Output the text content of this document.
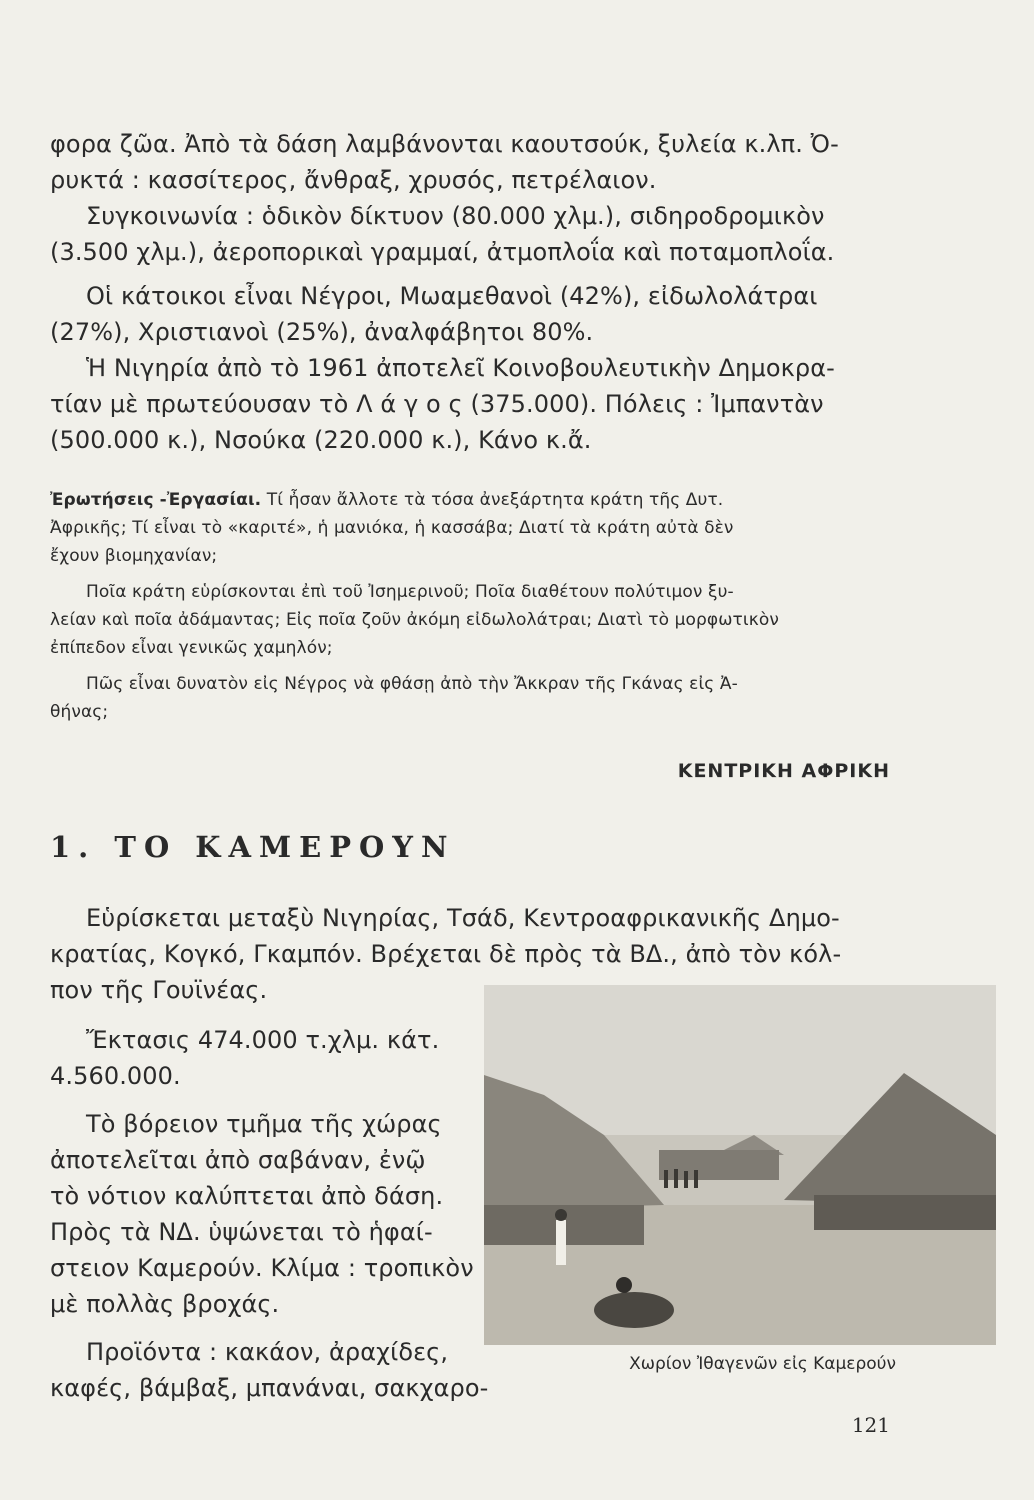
φορα ζῶα. Ἀπὸ τὰ δάση λαμβάνονται καουτσούκ, ξυλεία κ.λπ. Ὀ-
ρυκτά : κασσίτερος, ἄνθραξ, χρυσός, πετρέλαιον.
Συγκοινωνία : ὁδικὸν δίκτυον (80.000 χλμ.), σιδηροδρομικὸν
(3.500 χλμ.), ἀεροπορικαὶ γραμμαί, ἀτμοπλοΐα καὶ ποταμοπλοΐα.
Οἱ κάτοικοι εἶναι Νέγροι, Μωαμεθανοὶ (42%), εἰδωλολάτραι
(27%), Χριστιανοὶ (25%), ἀναλφάβητοι 80%.
Ἡ Νιγηρία ἀπὸ τὸ 1961 ἀποτελεῖ Κοινοβουλευτικὴν Δημοκρα-
τίαν μὲ πρωτεύουσαν τὸ Λ ά γ ο ς (375.000). Πόλεις : Ἰμπαντὰν
(500.000 κ.), Νσούκα (220.000 κ.), Κάνο κ.ἄ.
Ἐρωτήσεις -Ἐργασίαι. Τί ἦσαν ἄλλοτε τὰ τόσα ἀνεξάρτητα κράτη τῆς Δυτ.
Ἀφρικῆς; Τί εἶναι τὸ «καριτέ», ἡ μανιόκα, ἡ κασσάβα; Διατί τὰ κράτη αὐτὰ δὲν
ἔχουν βιομηχανίαν;
Ποῖα κράτη εὑρίσκονται ἐπὶ τοῦ Ἰσημερινοῦ; Ποῖα διαθέτουν πολύτιμον ξυ-
λείαν καὶ ποῖα ἀδάμαντας; Εἰς ποῖα ζοῦν ἀκόμη εἰδωλολάτραι; Διατὶ τὸ μορφωτικὸν
ἐπίπεδον εἶναι γενικῶς χαμηλόν;
Πῶς εἶναι δυνατὸν εἰς Νέγρος νὰ φθάσῃ ἀπὸ τὴν Ἄκκραν τῆς Γκάνας εἰς Ἀ-
θήνας;
ΚΕΝΤΡΙΚΗ ΑΦΡΙΚΗ
1. ΤΟ ΚΑΜΕΡΟΥΝ
Εὑρίσκεται μεταξὺ Νιγηρίας, Τσάδ, Κεντροαφρικανικῆς Δημο-
κρατίας, Κογκό, Γκαμπόν. Βρέχεται δὲ πρὸς τὰ ΒΔ., ἀπὸ τὸν κόλ-
πον τῆς Γουϊνέας.
Ἔκτασις 474.000 τ.χλμ. κάτ.
4.560.000.
Τὸ βόρειον τμῆμα τῆς χώρας
ἀποτελεῖται ἀπὸ σαβάναν, ἐνῷ
τὸ νότιον καλύπτεται ἀπὸ δάση.
Πρὸς τὰ ΝΔ. ὑψώνεται τὸ ἡφαί-
στειον Καμερούν. Κλίμα : τροπικὸν
μὲ πολλὰς βροχάς.
Προϊόντα : κακάον, ἀραχίδες,
καφές, βάμβαξ, μπανάναι, σακχαρο-
Χωρίον Ἰθαγενῶν εἰς Καμερούν
121
